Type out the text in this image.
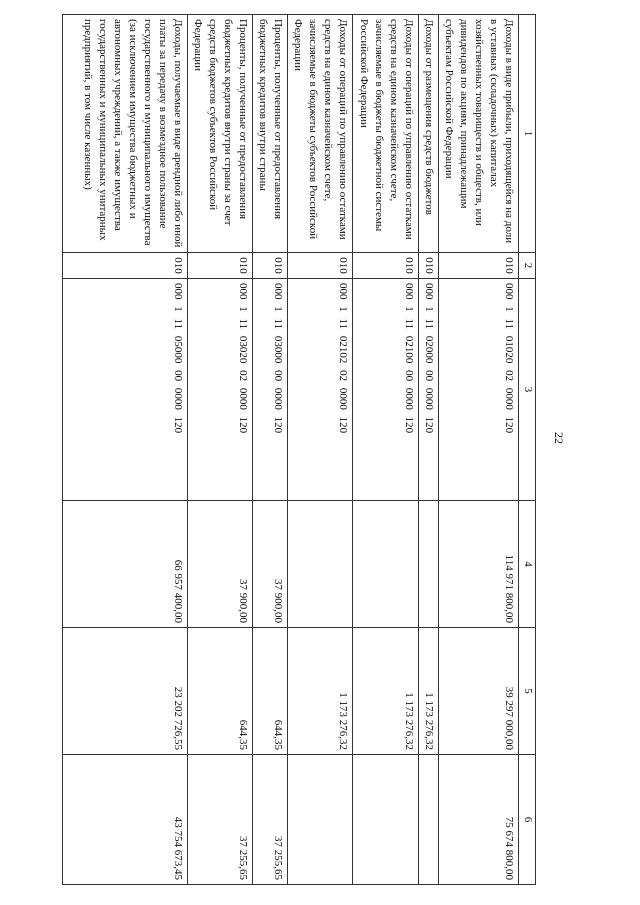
22
1	2	3	4	5	6
Доходы в виде прибыли, приходящейся на доли в уставных (складочных) капиталах хозяйственных товариществ и обществ, или дивидендов по акциям, принадлежащим субъектам Российской Федерации	010	000 1 11 01020 02 0000 120	114 971 800,00	39 297 000,00	75 674 800,00
Доходы от размещения средств бюджетов	010	000 1 11 02000 00 0000 120		1 173 276,32	
Доходы от операций по управлению остатками средств на едином казначейском счете, зачисляемые в бюджеты бюджетной системы Российской Федерации	010	000 1 11 02100 00 0000 120		1 173 276,32	
Доходы от операций по управлению остатками средств на едином казначейском счете, зачисляемые в бюджеты субъектов Российской Федерации	010	000 1 11 02102 02 0000 120		1 173 276,32	
Проценты, полученные от предоставления бюджетных кредитов внутри страны	010	000 1 11 03000 00 0000 120	37 900,00	644,35	37 255,65
Проценты, полученные от предоставления бюджетных кредитов внутри страны за счет средств бюджетов субъектов Российской Федерации	010	000 1 11 03020 02 0000 120	37 900,00	644,35	37 255,65
Доходы, получаемые в виде арендной либо иной платы за передачу в возмездное пользование государственного и муниципального имущества (за исключением имущества бюджетных и автономных учреждений, а также имущества государственных и муниципальных унитарных предприятий, в том числе казенных)	010	000 1 11 05000 00 0000 120	66 957 400,00	23 202 726,55	43 754 673,45
